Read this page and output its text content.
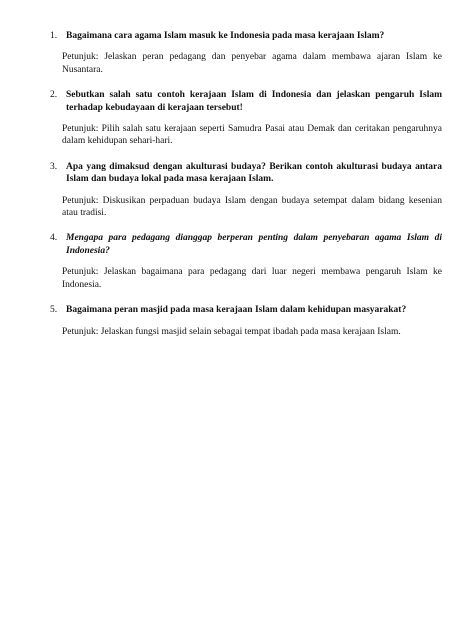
1. Bagaimana cara agama Islam masuk ke Indonesia pada masa kerajaan Islam?
Petunjuk: Jelaskan peran pedagang dan penyebar agama dalam membawa ajaran Islam ke Nusantara.
2. Sebutkan salah satu contoh kerajaan Islam di Indonesia dan jelaskan pengaruh Islam terhadap kebudayaan di kerajaan tersebut!
Petunjuk: Pilih salah satu kerajaan seperti Samudra Pasai atau Demak dan ceritakan pengaruhnya dalam kehidupan sehari-hari.
3. Apa yang dimaksud dengan akulturasi budaya? Berikan contoh akulturasi budaya antara Islam dan budaya lokal pada masa kerajaan Islam.
Petunjuk: Diskusikan perpaduan budaya Islam dengan budaya setempat dalam bidang kesenian atau tradisi.
4. Mengapa para pedagang dianggap berperan penting dalam penyebaran agama Islam di Indonesia?
Petunjuk: Jelaskan bagaimana para pedagang dari luar negeri membawa pengaruh Islam ke Indonesia.
5. Bagaimana peran masjid pada masa kerajaan Islam dalam kehidupan masyarakat?
Petunjuk: Jelaskan fungsi masjid selain sebagai tempat ibadah pada masa kerajaan Islam.
